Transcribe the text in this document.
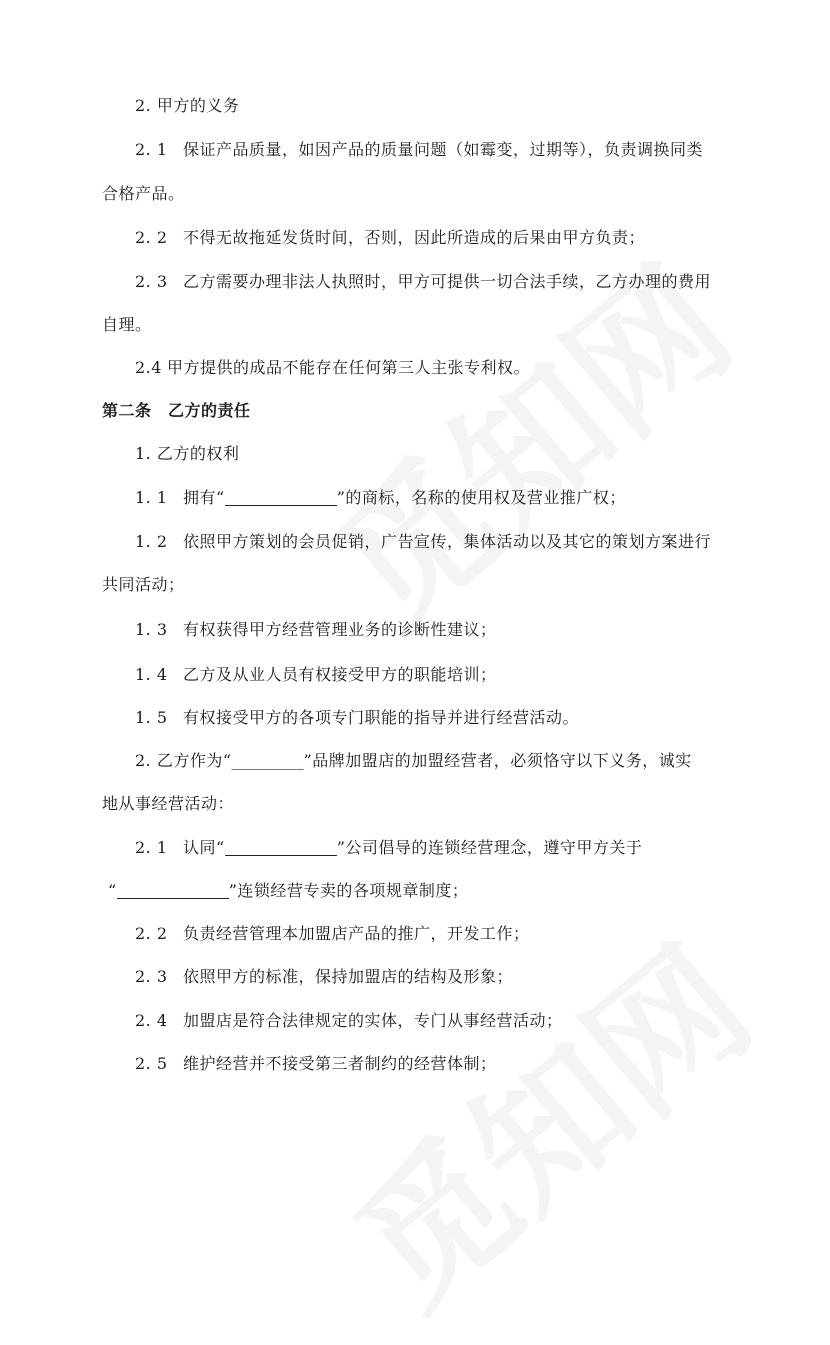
2. 甲方的义务
2. 1 保证产品质量，如因产品的质量问题（如霉变，过期等），负责调换同类
合格产品。
2. 2 不得无故拖延发货时间，否则，因此所造成的后果由甲方负责；
2. 3 乙方需要办理非法人执照时，甲方可提供一切合法手续，乙方办理的费用
自理。
2.4 甲方提供的成品不能存在任何第三人主张专利权。
第二条　乙方的责任
1. 乙方的权利
1. 1 拥有“	”的商标，名称的使用权及营业推广权；
1. 2 依照甲方策划的会员促销，广告宣传，集体活动以及其它的策划方案进行
共同活动；
1. 3 有权获得甲方经营管理业务的诊断性建议；
1. 4 乙方及从业人员有权接受甲方的职能培训；
1. 5 有权接受甲方的各项专门职能的指导并进行经营活动。
2. 乙方作为“_________”品牌加盟店的加盟经营者，必须恪守以下义务，诚实
地从事经营活动：
2. 1 认同“	”公司倡导的连锁经营理念，遵守甲方关于
“	”连锁经营专卖的各项规章制度；
2. 2 负责经营管理本加盟店产品的推广，开发工作；
2. 3 依照甲方的标准，保持加盟店的结构及形象；
2. 4 加盟店是符合法律规定的实体，专门从事经营活动；
2. 5 维护经营并不接受第三者制约的经营体制；
